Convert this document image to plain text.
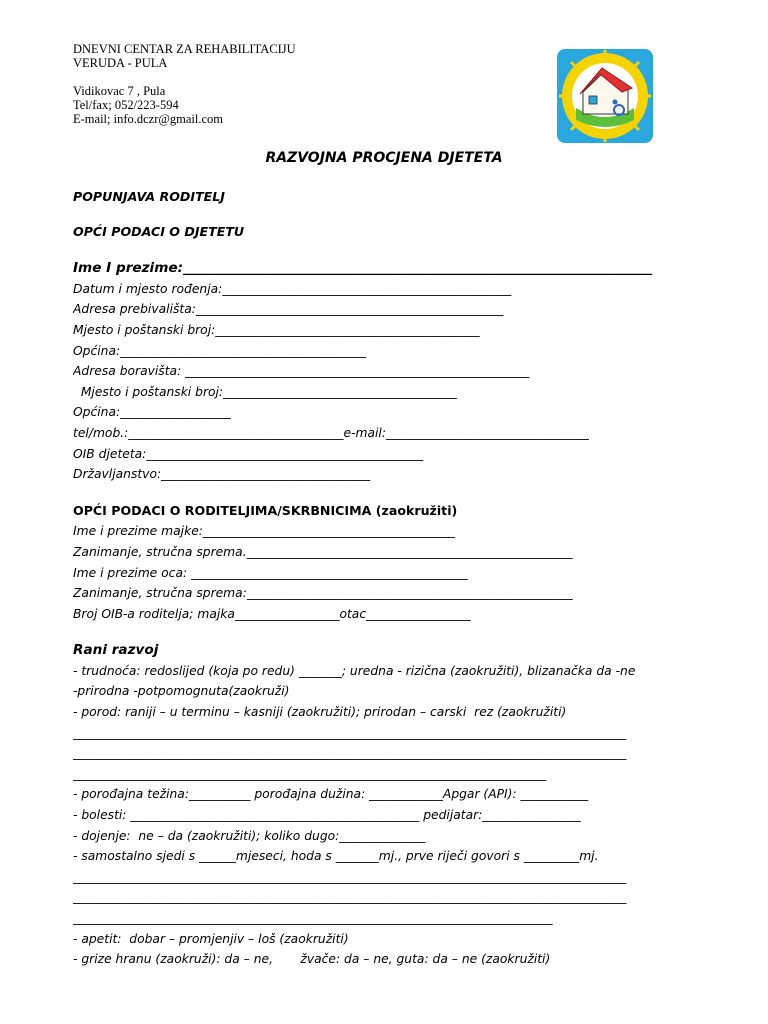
DNEVNI CENTAR ZA REHABILITACIJU
VERUDA - PULA
Vidikovac 7 , Pula
Tel/fax; 052/223-594
E-mail; info.dczr@gmail.com
RAZVOJNA PROCJENA DJETETA
POPUNJAVA RODITELJ
OPĆI PODACI O DJETETU
Ime I prezime:_____________________________________________________________________
Datum i mjesto rođenja:_______________________________________________
Adresa prebivališta:__________________________________________________
Mjesto i poštanski broj:___________________________________________
Općina:________________________________________
Adresa boravišta: ________________________________________________________
Mjesto i poštanski broj:______________________________________
Općina:__________________
tel/mob.:___________________________________e-mail:_________________________________
OIB djeteta:_____________________________________________
Državljanstvo:__________________________________
OPĆI PODACI O RODITELJIMA/SKRBNICIMA (zaokružiti)
Ime i prezime majke:_________________________________________
Zanimanje, stručna sprema._____________________________________________________
Ime i prezime oca: _____________________________________________
Zanimanje, stručna sprema:_____________________________________________________
Broj OIB-a roditelja; majka_________________otac_________________
Rani razvoj
- trudnoća: redoslijed (koja po redu) _______; uredna - rizična (zaokružiti), blizanačka da -ne
-prirodna -potpomognuta(zaokruži)
- porod: raniji – u terminu – kasniji (zaokružiti); prirodan – carski  rez (zaokružiti)
__________________________________________________________________________________________
__________________________________________________________________________________________
_____________________________________________________________________________
- porođajna težina:__________ porođajna dužina: ____________Apgar (API): ___________
- bolesti: _______________________________________________ pedijatar:________________
- dojenje:  ne – da (zaokružiti); koliko dugo:______________
- samostalno sjedi s ______mjeseci, hoda s _______mj., prve riječi govori s _________mj.
__________________________________________________________________________________________
__________________________________________________________________________________________
______________________________________________________________________________
- apetit:  dobar – promjenjiv – loš (zaokružiti)
- grize hranu (zaokruži): da – ne,       žvače: da – ne, guta: da – ne (zaokružiti)
